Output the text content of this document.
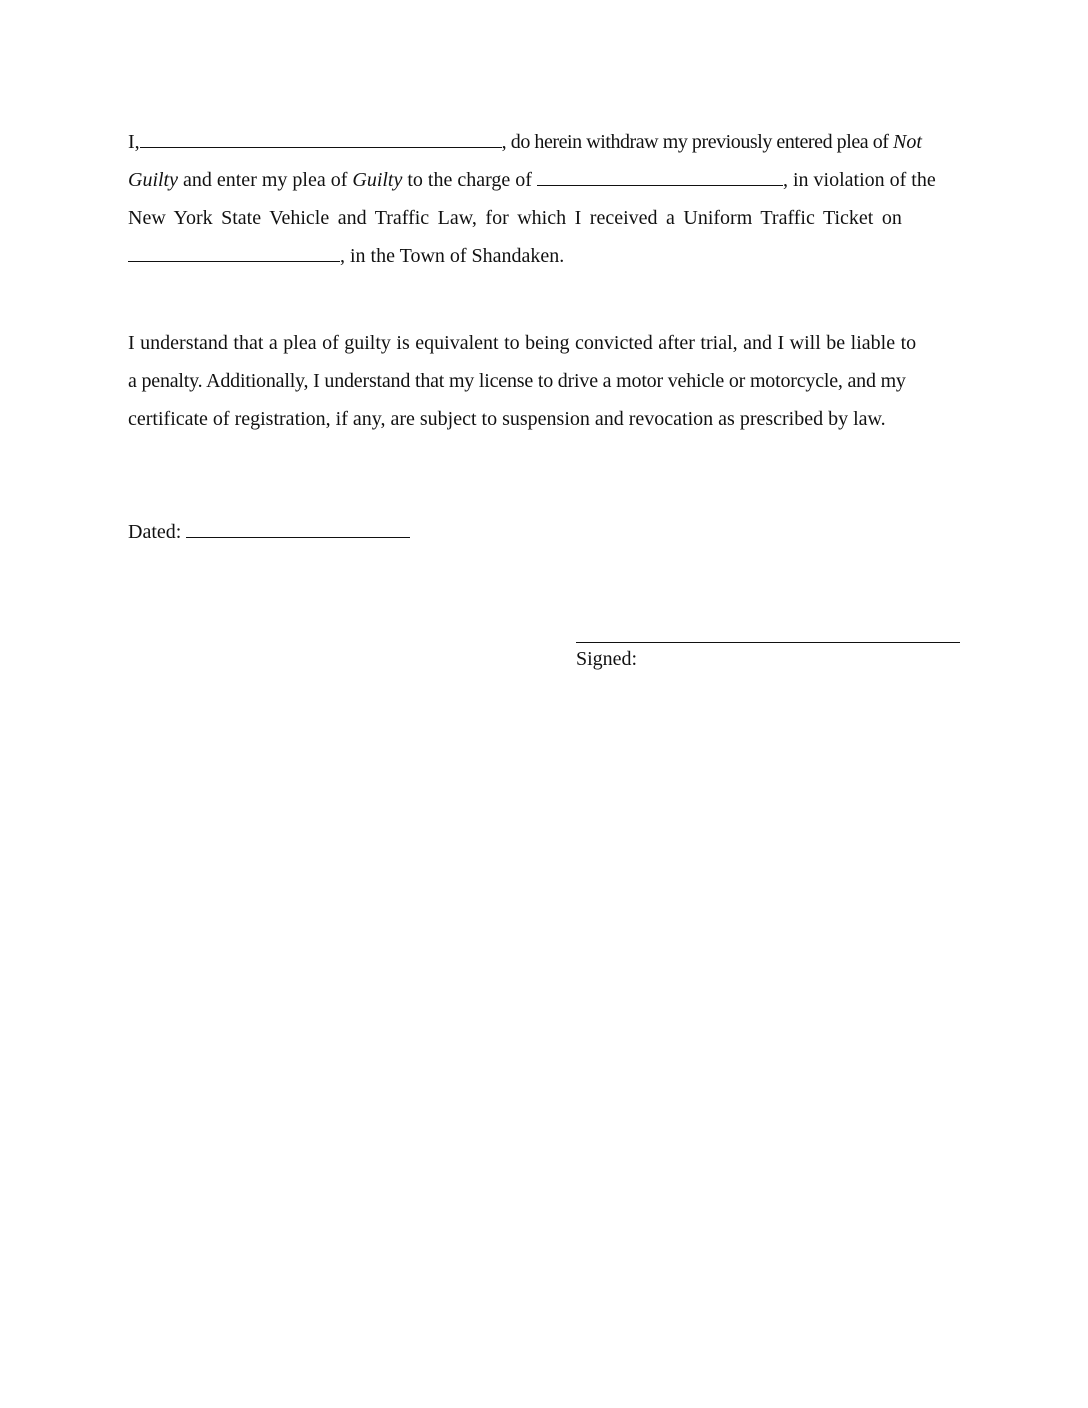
I,	, do herein withdraw my previously entered plea of Not
Guilty and enter my plea of Guilty to the charge of	, in violation of the
New York State Vehicle and Traffic Law, for which I received a Uniform Traffic Ticket on
, in the Town of Shandaken.
I understand that a plea of guilty is equivalent to being convicted after trial, and I will be liable to
a penalty. Additionally, I understand that my license to drive a motor vehicle or motorcycle, and my
certificate of registration, if any, are subject to suspension and revocation as prescribed by law.
Dated:
Signed:
